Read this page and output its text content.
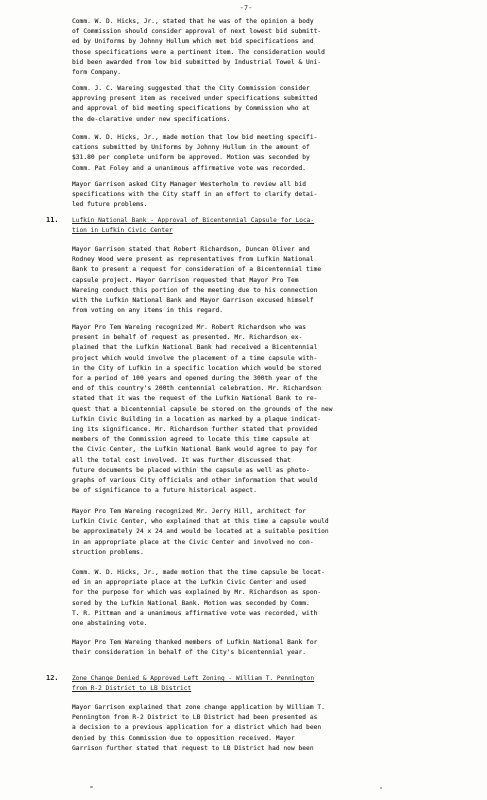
-7-
Comm. W. D. Hicks, Jr., stated that he was of the opinion a body
of Commission should consider approval of next lowest bid submitt-
ed by Uniforms by Johnny Hullum which met bid specifications and
those specifications were a pertinent item. The consideration would
bid been awarded from low bid submitted by Industrial Towel & Uni-
form Company.
Comm. J. C. Wareing suggested that the City Commission consider
approving present item as received under specifications submitted
and approval of bid meeting specifications by Commission who at
the de-clarative under new specifications.
Comm. W. D. Hicks, Jr., made motion that low bid meeting specifi-
cations submitted by Uniforms by Johnny Hullum in the amount of
$31.80 per complete uniform be approved. Motion was seconded by
Comm. Pat Foley and a unanimous affirmative vote was recorded.
Mayor Garrison asked City Manager Westerholm to review all bid
specifications with the City staff in an effort to clarify detai-
led future problems.
11. Lufkin National Bank - Approval of Bicentennial Capsule for Loca-
tion in Lufkin Civic Center
Mayor Garrison stated that Robert Richardson, Duncan Oliver and
Rodney Wood were present as representatives from Lufkin National
Bank to present a request for consideration of a Bicentennial time
capsule project. Mayor Garrison requested that Mayor Pro Tem
Wareing conduct this portion of the meeting due to his connection
with the Lufkin National Bank and Mayor Garrison excused himself
from voting on any items in this regard.
Mayor Pro Tem Wareing recognized Mr. Robert Richardson who was
present in behalf of request as presented. Mr. Richardson ex-
plained that the Lufkin National Bank had received a Bicentennial
project which would involve the placement of a time capsule with-
in the City of Lufkin in a specific location which would be stored
for a period of 100 years and opened during the 300th year of the
end of this country's 200th centennial celebration. Mr. Richardson
stated that it was the request of the Lufkin National Bank to re-
quest that a bicentennial capsule be stored on the grounds of the new
Lufkin Civic Building in a location as marked by a plaque indicat-
ing its significance. Mr. Richardson further stated that provided
members of the Commission agreed to locate this time capsule at
the Civic Center, the Lufkin National Bank would agree to pay for
all the total cost involved. It was further discussed that
future documents be placed within the capsule as well as photo-
graphs of various City officials and other information that would
be of significance to a future historical aspect.
Mayor Pro Tem Wareing recognized Mr. Jerry Hill, architect for
Lufkin Civic Center, who explained that at this time a capsule would
be approximately 24 x 24 and would be located at a suitable position
in an appropriate place at the Civic Center and involved no con-
struction problems.
Comm. W. D. Hicks, Jr., made motion that the time capsule be locat-
ed in an appropriate place at the Lufkin Civic Center and used
for the purpose for which was explained by Mr. Richardson as spon-
sored by the Lufkin National Bank. Motion was seconded by Comm.
T. R. Pittman and a unanimous affirmative vote was recorded, with
one abstaining vote.
Mayor Pro Tem Wareing thanked members of Lufkin National Bank for
their consideration in behalf of the City's bicentennial year.
12. Zone Change Denied & Approved Left Zoning - William T. Pennington
from R-2 District to LB District
Mayor Garrison explained that zone change application by William T.
Pennington from R-2 District to LB District had been presented as
a decision to a previous application for a district which had been
denied by this Commission due to opposition received. Mayor
Garrison further stated that request to LB District had now been
